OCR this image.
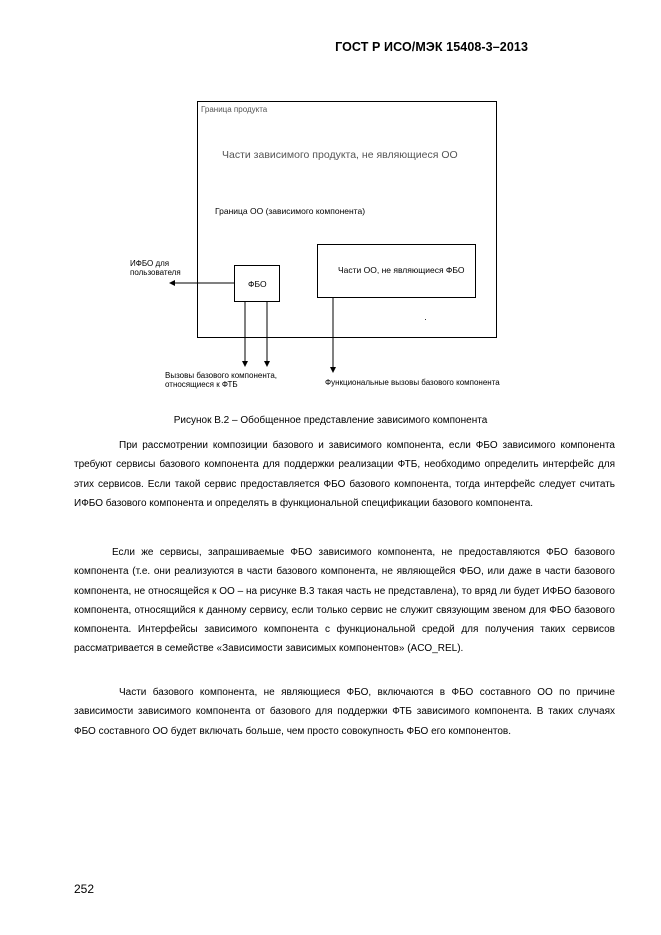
ГОСТ Р ИСО/МЭК 15408-3–2013
Граница продукта
Части зависимого продукта, не являющиеся ОО
Граница ОО (зависимого компонента)
Части ОО, не являющиеся ФБО
ФБО
ИФБО для
пользователя
Вызовы базового компонента,
относящиеся к ФТБ	Функциональные вызовы базового компонента
Рисунок В.2 – Обобщенное представление зависимого компонента

252
При рассмотрении композиции базового и зависимого компонента, если ФБО зависимого компонента требуют сервисы базового компонента для поддержки реализации ФТБ, необходимо определить интерфейс для этих сервисов. Если такой сервис предоставляется ФБО базового компонента, тогда интерфейс следует считать ИФБО базового компонента и определять в функциональной спецификации базового компонента.
Если же сервисы, запрашиваемые ФБО зависимого компонента, не предоставляются ФБО базового компонента (т.е. они реализуются в части базового компонента, не являющейся ФБО, или даже в части базового компонента, не относящейся к ОО – на рисунке В.3 такая часть не представлена), то вряд ли будет ИФБО базового компонента, относящийся к данному сервису, если только сервис не служит связующим звеном для ФБО базового компонента. Интерфейсы зависимого компонента с функциональной средой для получения таких сервисов рассматривается в семействе «Зависимости зависимых компонентов» (ACO_REL).
Части базового компонента, не являющиеся ФБО, включаются в ФБО составного ОО по причине зависимости зависимого компонента от базового для поддержки ФТБ зависимого компонента. В таких случаях ФБО составного ОО будет включать больше, чем просто совокупность ФБО его компонентов.
